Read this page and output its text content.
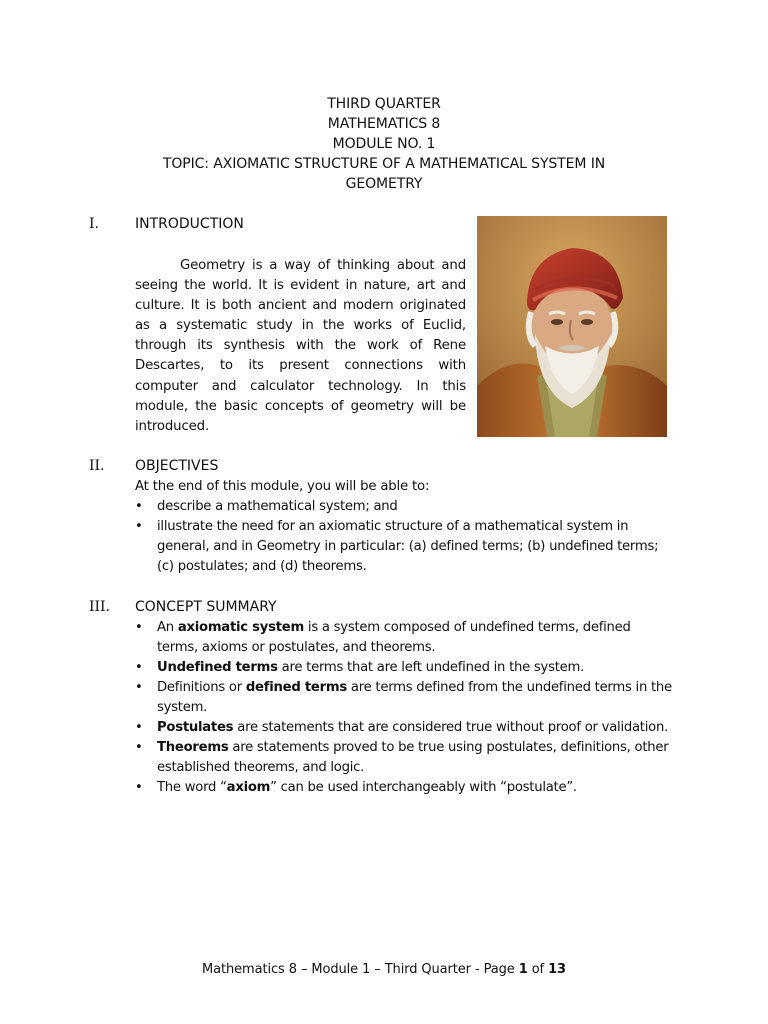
THIRD QUARTER
MATHEMATICS 8
MODULE NO. 1
TOPIC: AXIOMATIC STRUCTURE OF A MATHEMATICAL SYSTEM IN
GEOMETRY
I.	INTRODUCTION

Geometry is a way of thinking about and seeing the world. It is evident in nature, art and culture. It is both ancient and modern originated as a systematic study in the works of Euclid, through its synthesis with the work of Rene Descartes, to its present connections with computer and calculator technology. In this module, the basic concepts of geometry will be introduced.

II. OBJECTIVES
At the end of this module, you will be able to:
•	describe a mathematical system; and
•	illustrate the need for an axiomatic structure of a mathematical system in general, and in Geometry in particular: (a) defined terms; (b) undefined terms; (c) postulates; and (d) theorems.
III. CONCEPT SUMMARY
•	An axiomatic system is a system composed of undefined terms, defined terms, axioms or postulates, and theorems.
•	Undefined terms are terms that are left undefined in the system.
•	Definitions or defined terms are terms defined from the undefined terms in the system.
•	Postulates are statements that are considered true without proof or validation.
•	Theorems are statements proved to be true using postulates, definitions, other established theorems, and logic.
•	The word “axiom” can be used interchangeably with “postulate”.
Mathematics 8 – Module 1 – Third Quarter - Page 1 of 13
